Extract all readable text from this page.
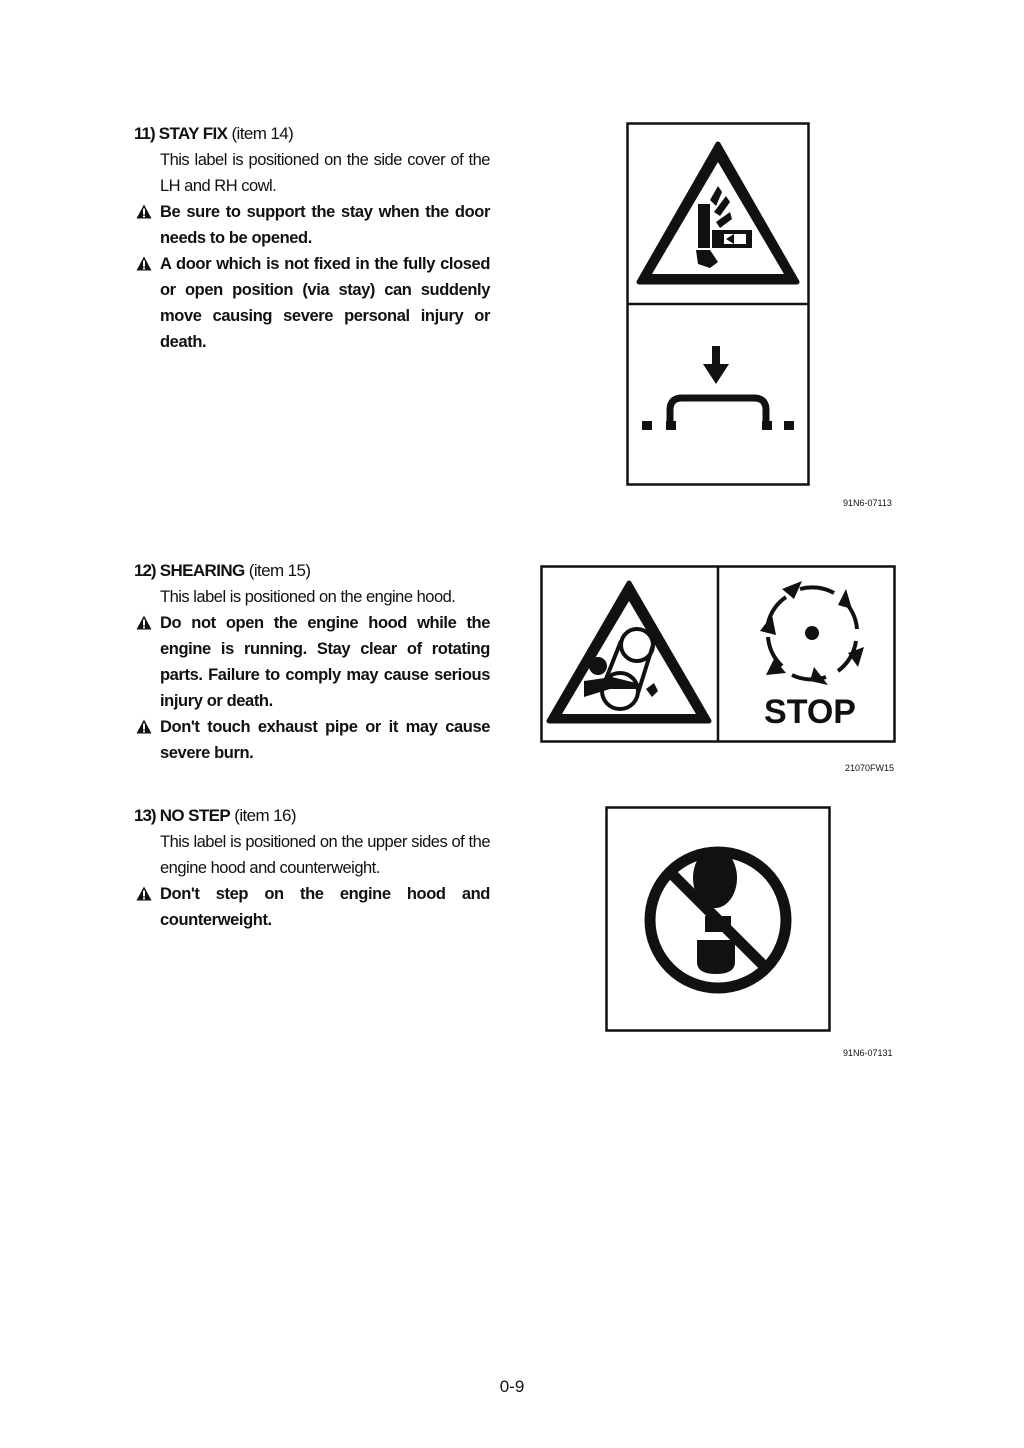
11) STAY FIX (item 14)

This label is positioned on the side cover of the LH and RH cowl.

Be sure to support the stay when the door needs to be opened.

A door which is not fixed in the fully closed or open position (via stay) can suddenly move causing severe personal injury or death.

91N6-07113

12) SHEARING (item 15)

This label is positioned on the engine hood.

Do not open the engine hood while the engine is running. Stay clear of rotating parts. Failure to comply may cause serious injury or death.

Don't touch exhaust pipe or it may cause severe burn.

STOP
21070FW15

13) NO STEP (item 16)

This label is positioned on the upper sides of the engine hood and counterweight.

Don't step on the engine hood and counterweight.

91N6-07131
0-9
